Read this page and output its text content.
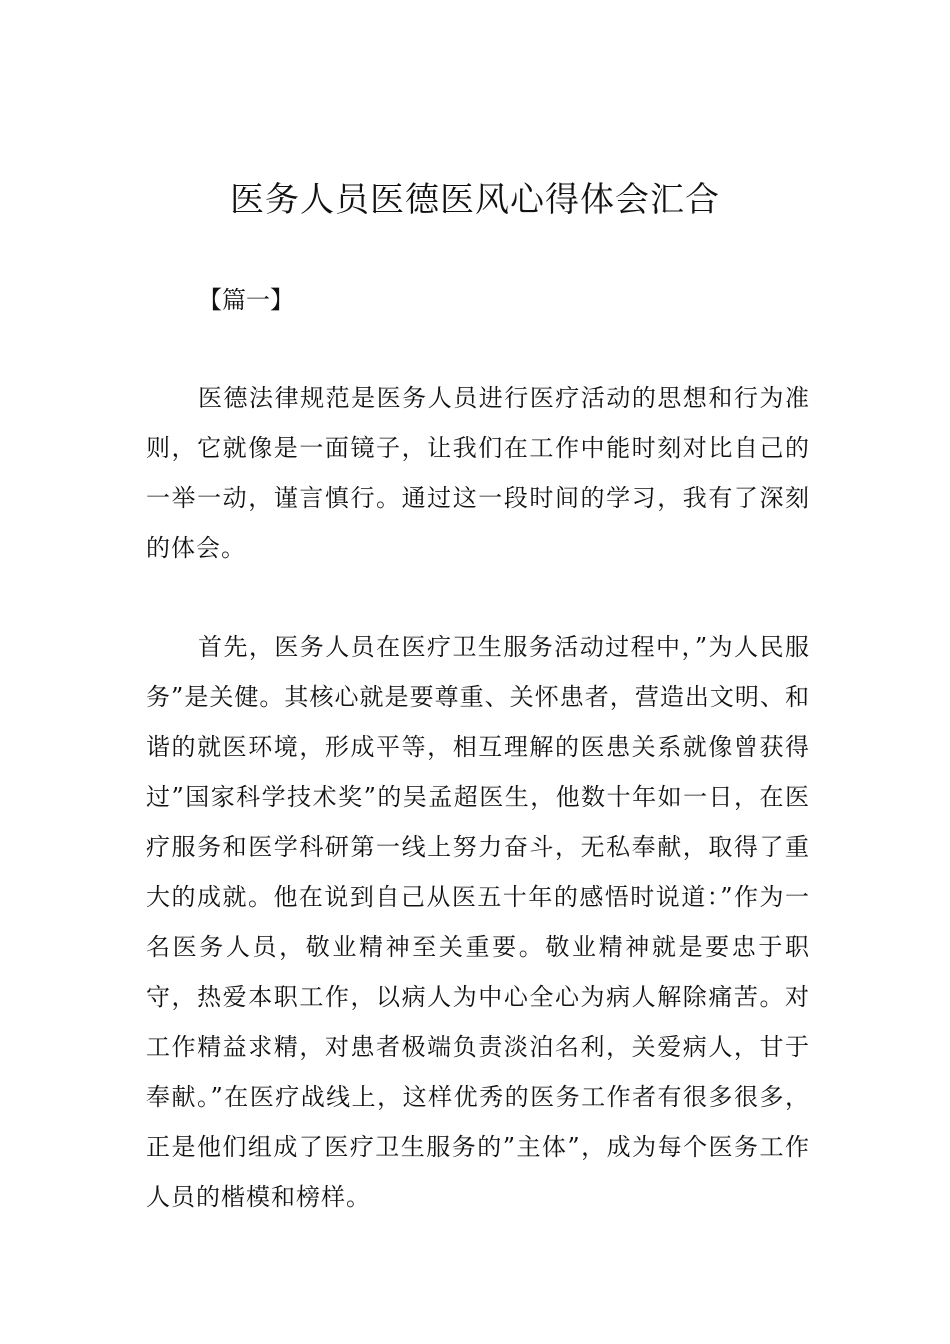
医务人员医德医风心得体会汇合
【篇一】

医德法律规范是医务人员进行医疗活动的思想和行为准则，它就像是一面镜子，让我们在工作中能时刻对比自己的一举一动，谨言慎行。通过这一段时间的学习，我有了深刻的体会。

首先，医务人员在医疗卫生服务活动过程中，”为人民服务”是关健。其核心就是要尊重、关怀患者，营造出文明、和谐的就医环境，形成平等，相互理解的医患关系就像曾获得过”国家科学技术奖”的吴孟超医生，他数十年如一日，在医疗服务和医学科研第一线上努力奋斗，无私奉献，取得了重大的成就。他在说到自己从医五十年的感悟时说道：”作为一名医务人员，敬业精神至关重要。敬业精神就是要忠于职守，热爱本职工作，以病人为中心全心为病人解除痛苦。对工作精益求精，对患者极端负责淡泊名利，关爱病人，甘于奉献。”在医疗战线上，这样优秀的医务工作者有很多很多，正是他们组成了医疗卫生服务的”主体”，成为每个医务工作人员的楷模和榜样。
